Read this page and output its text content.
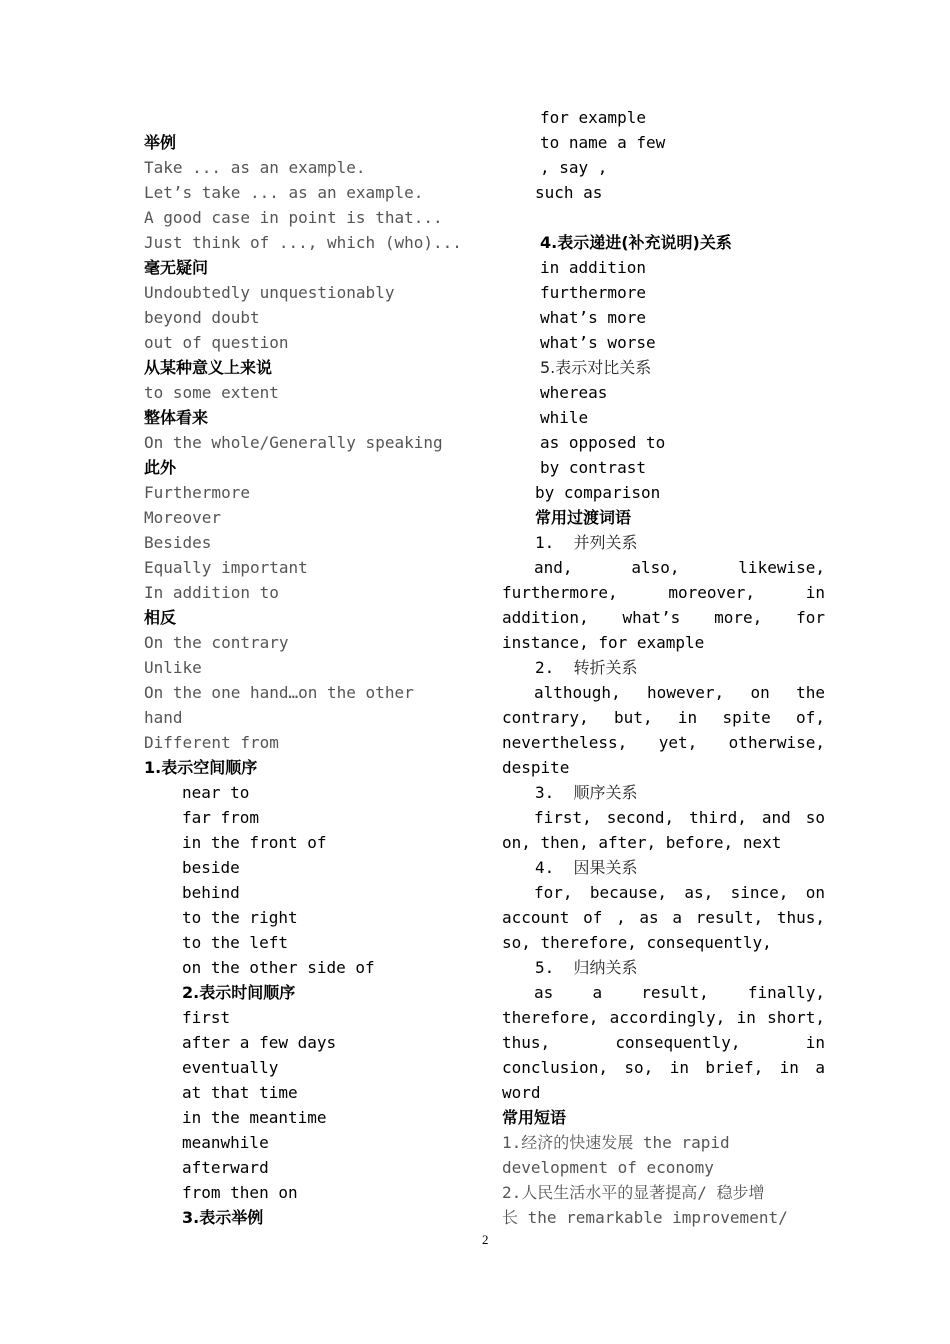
举例
Take ... as an example.
Let’s take ... as an example.
A good case in point is that...
Just think of ..., which (who)...
毫无疑问
Undoubtedly unquestionably
beyond doubt
out of question
从某种意义上来说
to some extent
整体看来
On the whole/Generally speaking
此外
Furthermore
Moreover
Besides
Equally important
In addition to
相反
On the contrary
Unlike
On the one hand…on the other
hand
Different from
1.表示空间顺序
near to
far from
in the front of
beside
behind
to the right
to the left
on the other side of
2.表示时间顺序
first
after a few days
eventually
at that time
in the meantime
meanwhile
afterward
from then on
3.表示举例
for example
to name a few
, say ,
such as
4.表示递进(补充说明)关系
in addition
furthermore
what’s more
what’s worse
5.表示对比关系
whereas
while
as opposed to
by contrast
by comparison
常用过渡词语
1. 并列关系
and,	also,	likewise,
furthermore,	moreover,	in
addition, what’s more, for
instance, for example
2. 转折关系
although, however, on the
contrary, but, in spite of,
nevertheless, yet, otherwise,
despite
3. 顺序关系
first, second, third, and so
on, then, after, before, next
4. 因果关系
for, because, as, since, on
account of , as a result, thus,
so, therefore, consequently,
5. 归纳关系
as a result, finally,
therefore, accordingly, in short,
thus,	consequently,	in
conclusion, so, in brief, in a
word
常用短语
1.经济的快速发展 the rapid
development of economy
2.人民生活水平的显著提高/ 稳步增
长 the remarkable improvement/
2
